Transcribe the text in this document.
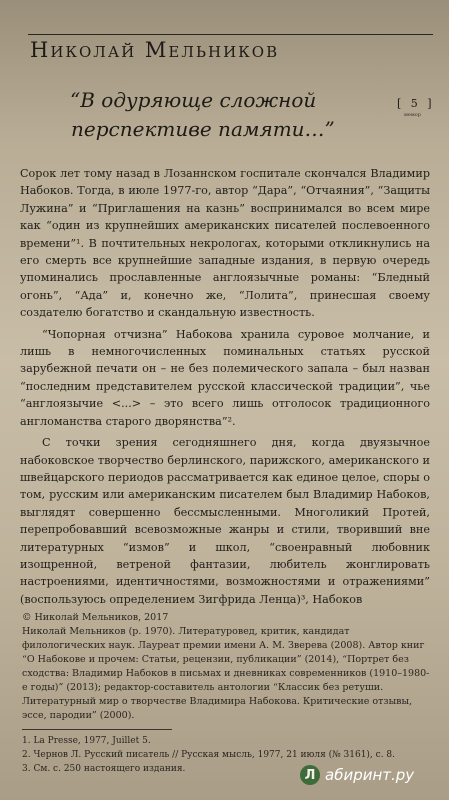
Николай Мельников
“В одуряюще сложной
перспективе памяти…”
[ 5 ]
мемор

Сорок лет тому назад в Лозаннском госпитале скончался Владимир Набоков. Тогда, в июле 1977-го, автор “Дара”, “Отчаяния”, “Защиты Лужина” и “Приглашения на казнь” воспринимался во всем мире как “один из крупнейших американских писателей послевоенного времени”¹. В почтительных некрологах, которыми откликнулись на его смерть все крупнейшие западные издания, в первую очередь упоминались прославленные англоязычные романы: “Бледный огонь”, “Ада” и, конечно же, “Лолита”, принесшая своему создателю богатство и скандальную известность.

“Чопорная отчизна” Набокова хранила суровое молчание, и лишь в немногочисленных поминальных статьях русской зарубежной печати он – не без полемического запала – был назван “последним представителем русской классической традиции”, чье “англоязычие <...> – это всего лишь отголосок традиционного англоманства старого дворянства”².

С точки зрения сегодняшнего дня, когда двуязычное набоковское творчество берлинского, парижского, американского и швейцарского периодов рассматривается как единое целое, споры о том, русским или американским писателем был Владимир Набоков, выглядят совершенно бессмысленными. Многоликий Протей, перепробовавший всевозможные жанры и стили, творивший вне литературных “измов” и школ, “своенравный любовник изощренной, ветреной фантазии, любитель жонглировать настроениями, идентичностями, возможностями и отражениями” (воспользуюсь определением Зигфрида Ленца)³, Набоков

© Николай Мельников, 2017

Николай Мельников (р. 1970). Литературовед, критик, кандидат филологических наук. Лауреат премии имени А. М. Зверева (2008). Автор книг “О Набокове и прочем: Статьи, рецензии, публикации” (2014), “Портрет без сходства: Владимир Набоков в письмах и дневниках современников (1910–1980-е годы)” (2013); редактор-составитель антологии “Классик без ретуши. Литературный мир о творчестве Владимира Набокова. Критические отзывы, эссе, пародии” (2000).

1. La Presse, 1977, Juillet 5.

2. Чернов Л. Русский писатель // Русская мысль, 1977, 21 июля (№ 3161), с. 8.

3. См. с. 250 настоящего издания.	Л абиринт.ру
